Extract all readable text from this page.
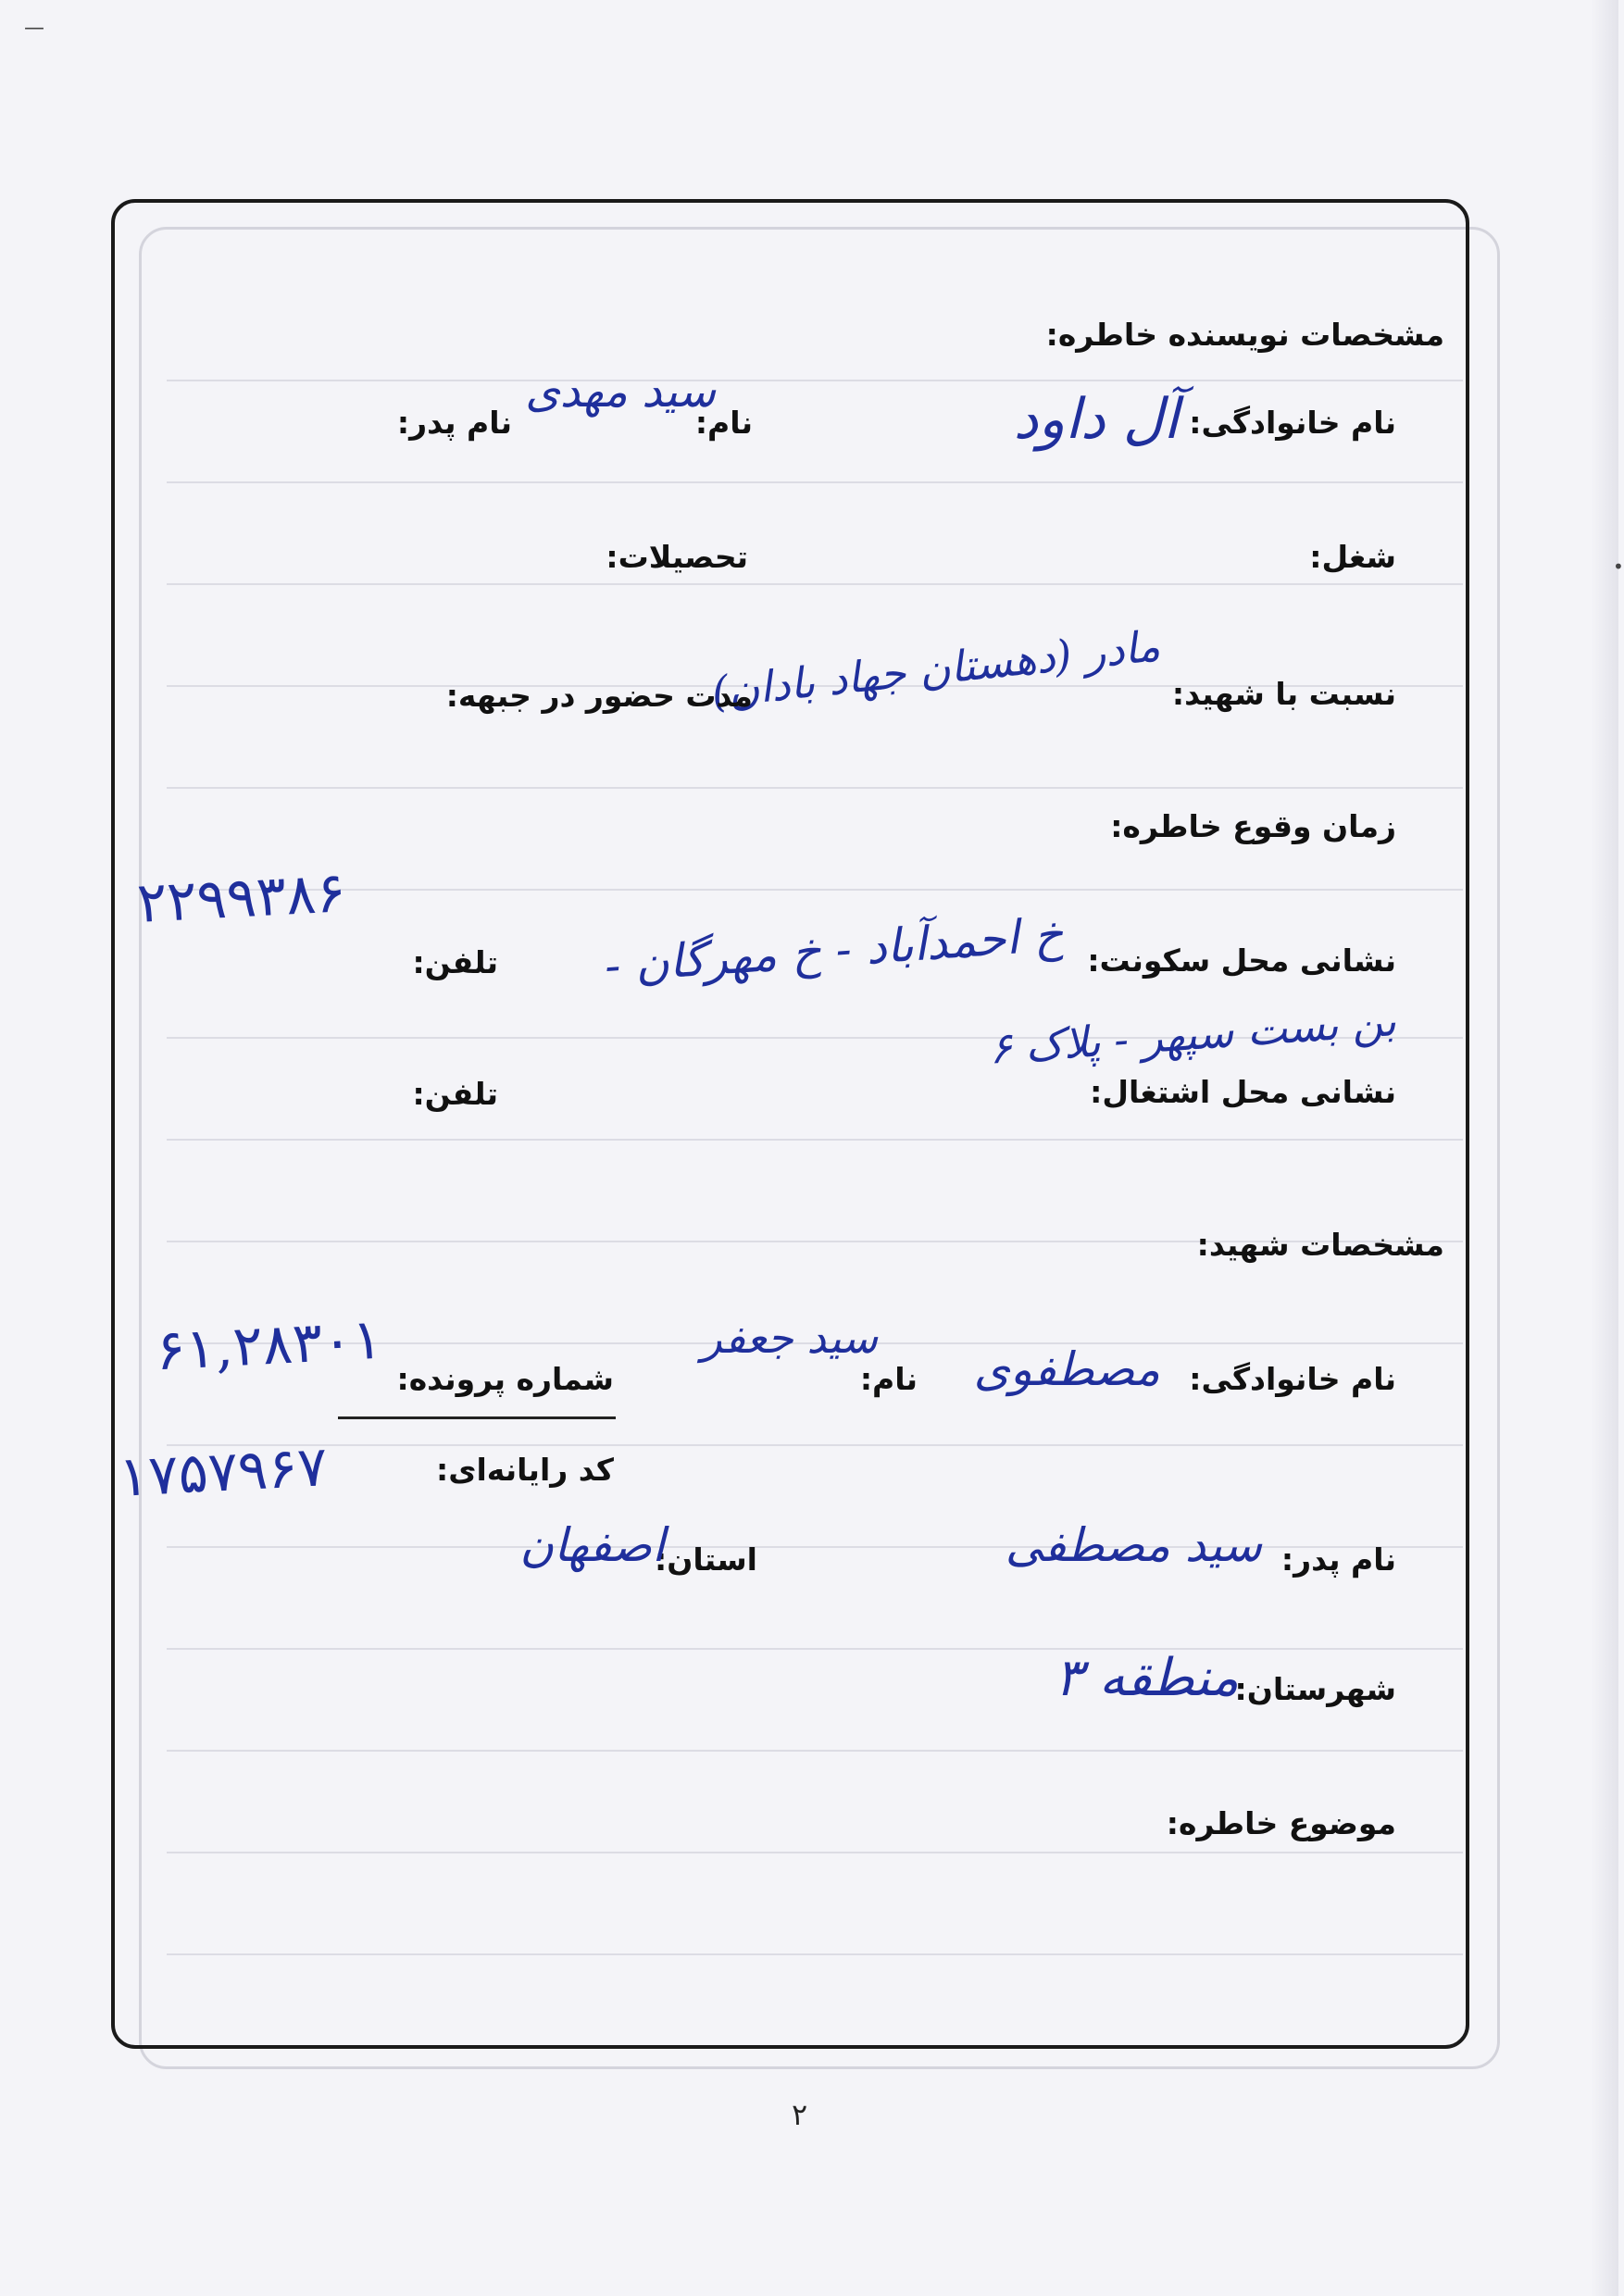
—
•
مشخصات نویسنده خاطره:
نام خانوادگی:
آل داود
نام:
سید مهدی
نام پدر:
شغل:
تحصیلات:
نسبت با شهید:
مادر (دهستان جهاد بادان)
مدت حضور در جبهه:
زمان وقوع خاطره:
نشانی محل سکونت:
خ احمدآباد - خ مهرگان -
بن بست سپهر - پلاک ۶
تلفن:
۲۲۹۹۳۸۶
نشانی محل اشتغال:
تلفن:
مشخصات شهید:
نام خانوادگی:
مصطفوی
نام:
سید جعفر
شماره پرونده:
۶۱,۲۸۳۰۱
کد رایانه‌ای:
۱۷۵۷۹۶۷
نام پدر:
سید مصطفی
استان:
اصفهان
شهرستان:
منطقه ۳
موضوع خاطره:
۲
